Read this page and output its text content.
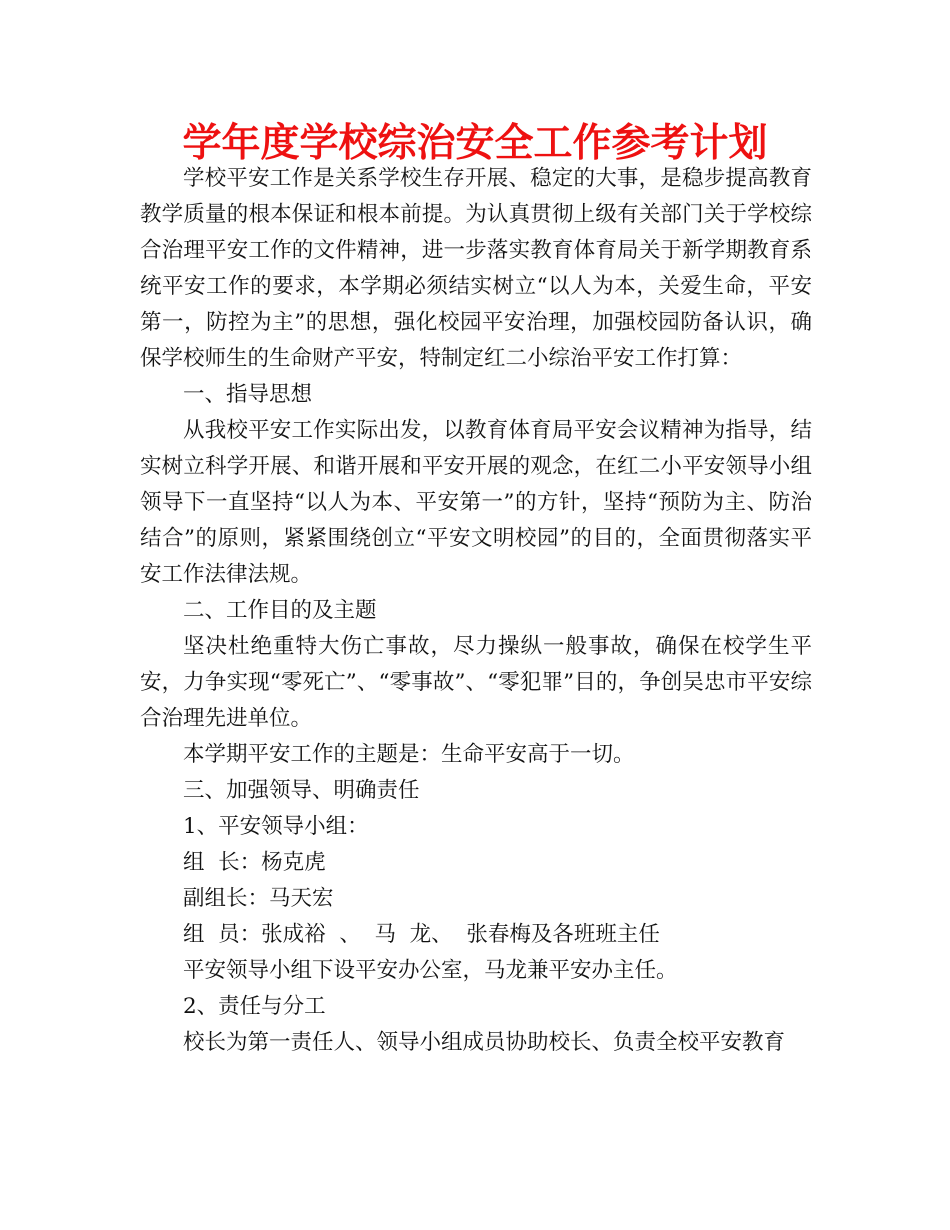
学年度学校综治安全工作参考计划

学校平安工作是关系学校生存开展、稳定的大事，是稳步提高教育教学质量的根本保证和根本前提。为认真贯彻上级有关部门关于学校综合治理平安工作的文件精神，进一步落实教育体育局关于新学期教育系统平安工作的要求，本学期必须结实树立“以人为本，关爱生命，平安第一，防控为主”的思想，强化校园平安治理，加强校园防备认识，确保学校师生的生命财产平安，特制定红二小综治平安工作打算：

一、指导思想

从我校平安工作实际出发，以教育体育局平安会议精神为指导，结实树立科学开展、和谐开展和平安开展的观念，在红二小平安领导小组领导下一直坚持“以人为本、平安第一”的方针，坚持“预防为主、防治结合”的原则，紧紧围绕创立“平安文明校园”的目的，全面贯彻落实平安工作法律法规。

二、工作目的及主题

坚决杜绝重特大伤亡事故，尽力操纵一般事故，确保在校学生平安，力争实现“零死亡”、“零事故”、“零犯罪”目的，争创吴忠市平安综合治理先进单位。

本学期平安工作的主题是：生命平安高于一切。

三、加强领导、明确责任

1、平安领导小组：

组  长：杨克虎

副组长：马天宏

组  员：张成裕  、  马  龙、  张春梅及各班班主任

平安领导小组下设平安办公室，马龙兼平安办主任。

2、责任与分工

校长为第一责任人、领导小组成员协助校长、负责全校平安教育
